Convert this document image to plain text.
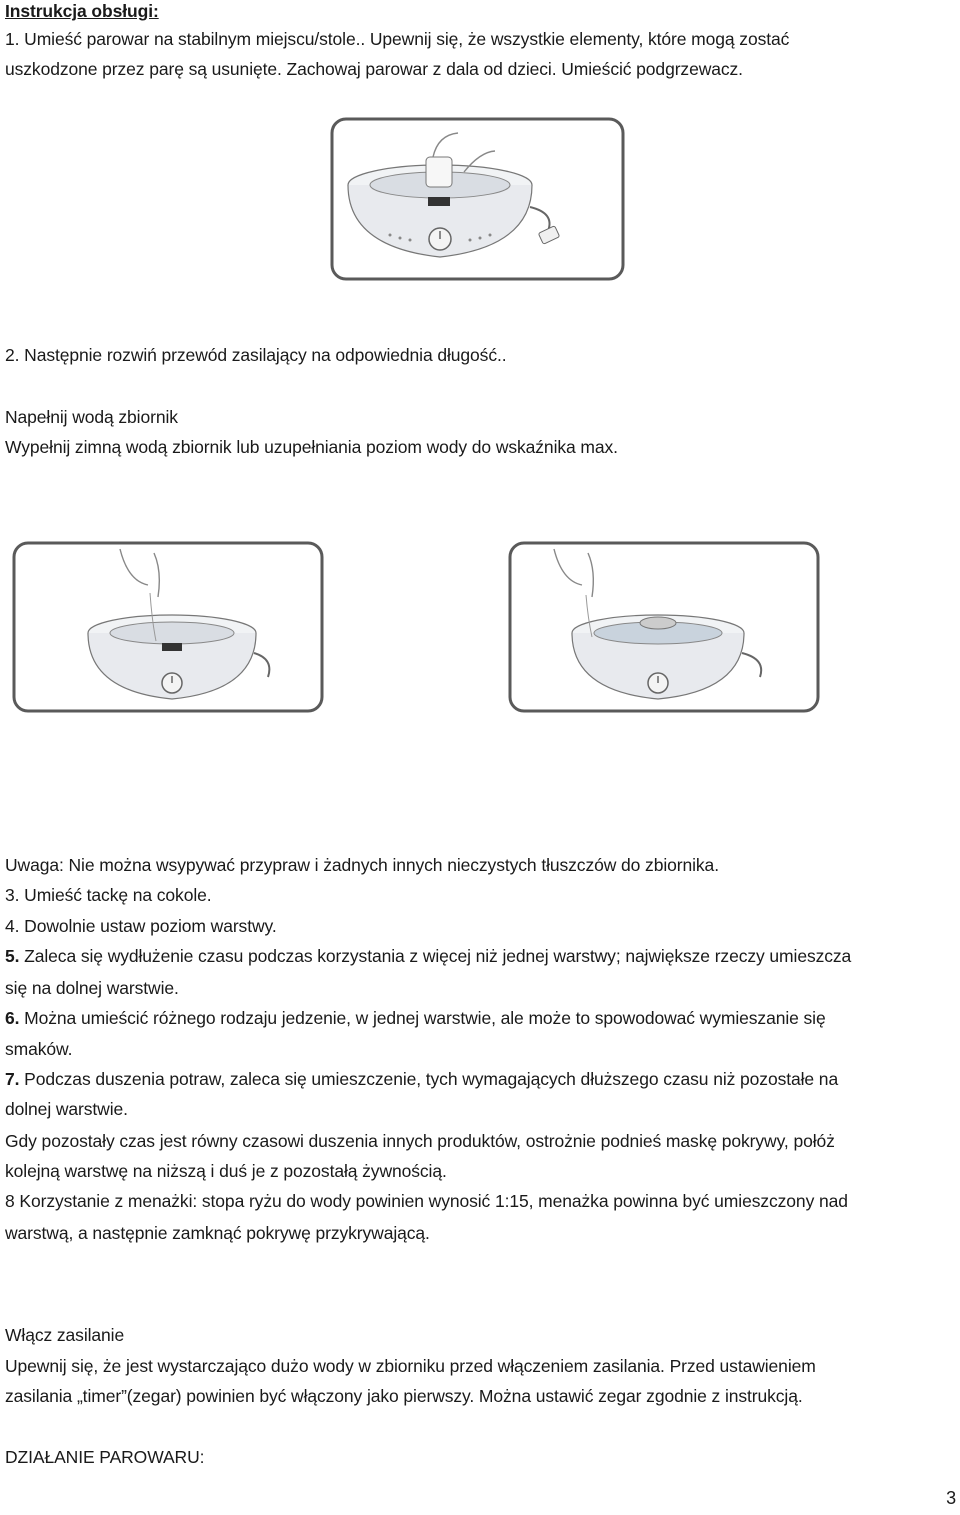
Instrukcja obsługi:
1. Umieść parowar na stabilnym miejscu/stole.. Upewnij się, że wszystkie elementy, które mogą zostać
uszkodzone przez parę są usunięte. Zachowaj parowar z dala od dzieci. Umieścić podgrzewacz.
2. Następnie rozwiń przewód zasilający na odpowiednia długość..
Napełnij wodą zbiornik
Wypełnij zimną wodą zbiornik lub uzupełniania poziom wody do wskaźnika max.
Uwaga: Nie można wsypywać przypraw i żadnych innych nieczystych tłuszczów do zbiornika.
3. Umieść tackę na cokole.
4. Dowolnie ustaw poziom warstwy.
5. Zaleca się wydłużenie czasu podczas korzystania z więcej niż jednej warstwy; największe rzeczy umieszcza
się na dolnej warstwie.
6. Można umieścić różnego rodzaju jedzenie, w jednej warstwie, ale może to spowodować wymieszanie się
smaków.
7. Podczas duszenia potraw, zaleca się umieszczenie, tych wymagających dłuższego czasu niż pozostałe na
dolnej warstwie.
Gdy pozostały czas jest równy czasowi duszenia innych produktów, ostrożnie podnieś maskę pokrywy, połóż
kolejną warstwę na niższą i duś je z pozostałą żywnością.
8 Korzystanie z menażki: stopa ryżu do wody powinien wynosić 1:15, menażka powinna być umieszczony nad
warstwą, a następnie zamknąć pokrywę przykrywającą.
Włącz zasilanie
Upewnij się, że jest wystarczająco dużo wody w zbiorniku przed włączeniem zasilania. Przed ustawieniem
zasilania „timer”(zegar) powinien być włączony jako pierwszy. Można ustawić zegar zgodnie z instrukcją.
DZIAŁANIE PAROWARU:
3
